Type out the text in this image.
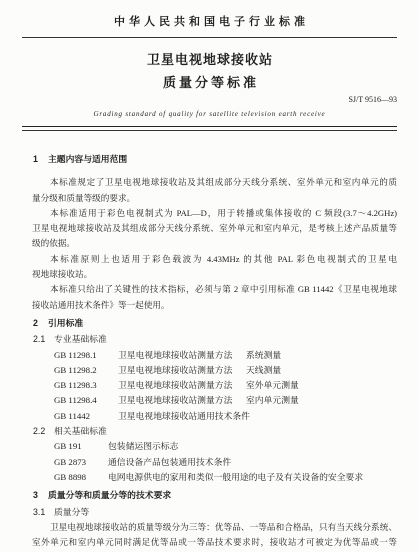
中华人民共和国电子行业标准
卫星电视地球接收站
质量分等标准
SJ/T 9516—93
Grading standard of quality for satellite television earth receive
1 主题内容与适用范围
本标准规定了卫星电视地球接收站及其组成部分天线分系统、室外单元和室内单元的质
量分级和质量等级的要求。
本标准适用于彩色电视制式为 PAL—D，用于转播或集体接收的 C 频段(3.7～4.2GHz)
卫星电视地球接收站及其组成部分天线分系统、室外单元和室内单元，是考核上述产品质量等
级的依据。
本标准原则上也适用于彩色载波为 4.43MHz 的其他 PAL 彩色电视制式的卫星电
视地球接收站。
本标准只给出了关键性的技术指标，必须与第 2 章中引用标准 GB 11442《卫星电视地球
接收站通用技术条件》等一起使用。
2 引用标准
2.1 专业基础标准
GB 11298.1 卫星电视地球接收站测量方法 系统测量
GB 11298.2 卫星电视地球接收站测量方法 天线测量
GB 11298.3 卫星电视地球接收站测量方法 室外单元测量
GB 11298.4 卫星电视地球接收站测量方法 室内单元测量
GB 11442	卫星电视地球接收站通用技术条件
2.2 相关基础标准
GB 191	包装储运图示标志
GB 2873 通信设备产品包装通用技术条件
GB 8898 电网电源供电的家用和类似一般用途的电子及有关设备的安全要求
3 质量分等和质量分等的技术要求
3.1 质量分等
卫星电视地球接收站的质量等级分为三等：优等品、一等品和合格品，只有当天线分系统、
室外单元和室内单元同时满足优等品或一等品技术要求时，接收站才可被定为优等品或一等
